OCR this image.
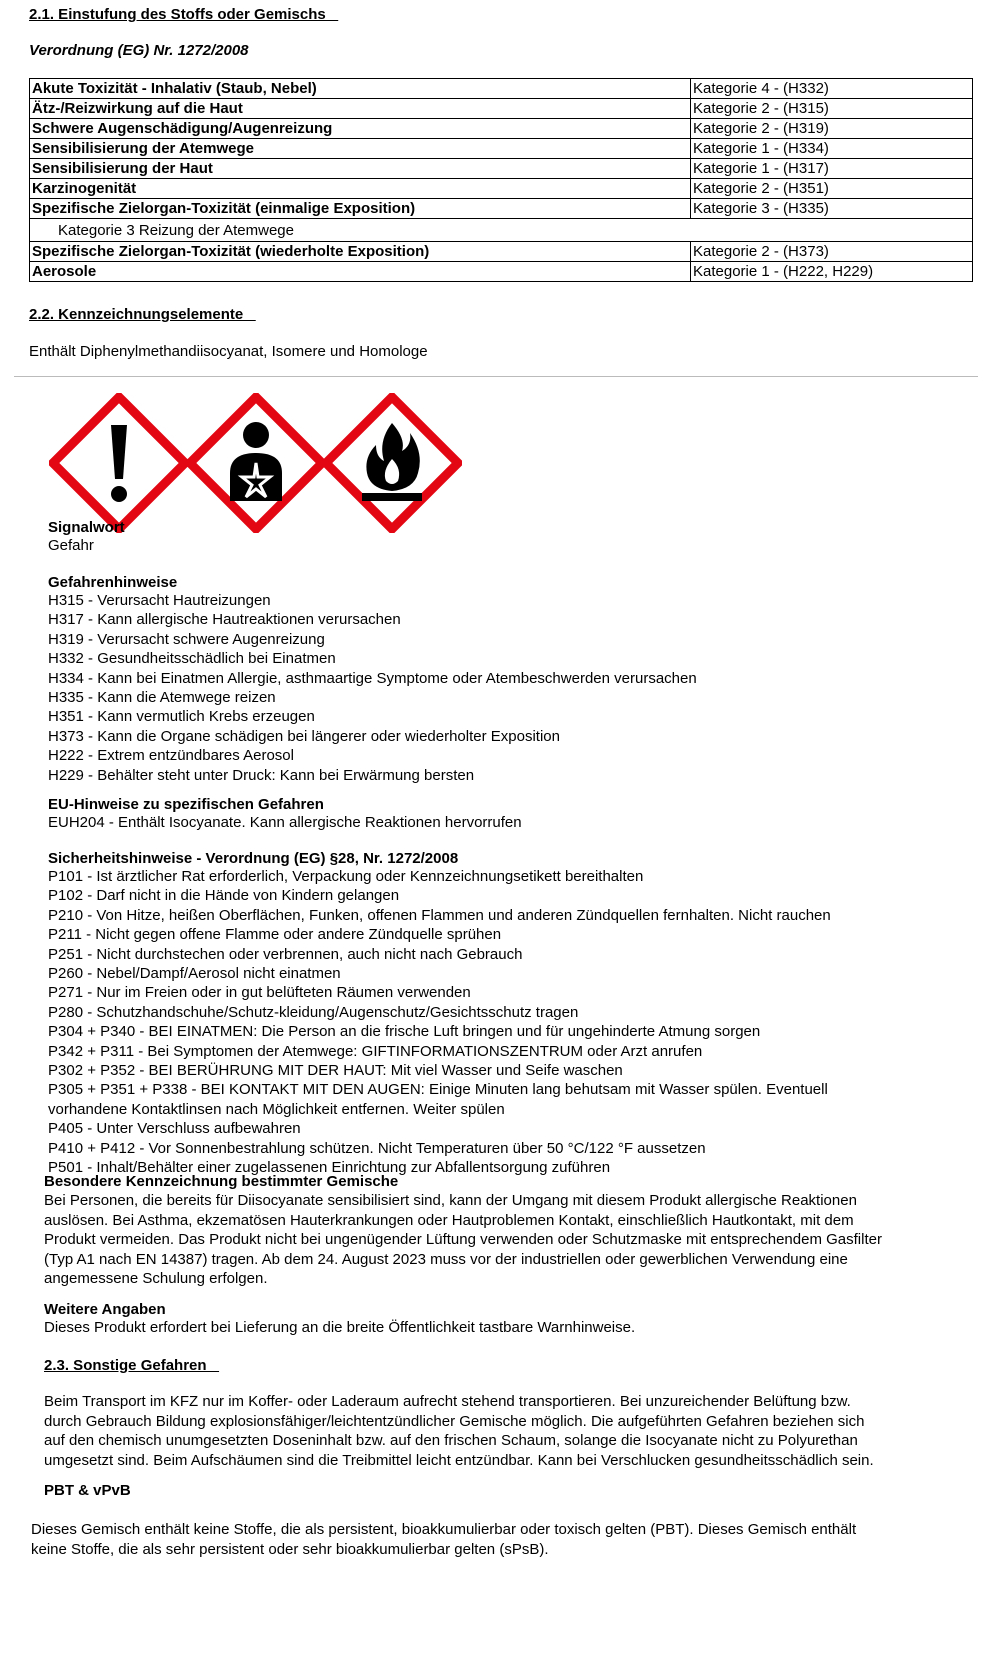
2.1. Einstufung des Stoffs oder Gemischs
Verordnung (EG) Nr. 1272/2008
Akute Toxizität - Inhalativ (Staub, Nebel)	Kategorie 4 - (H332)
Ätz-/Reizwirkung auf die Haut	Kategorie 2 - (H315)
Schwere Augenschädigung/Augenreizung	Kategorie 2 - (H319)
Sensibilisierung der Atemwege	Kategorie 1 - (H334)
Sensibilisierung der Haut	Kategorie 1 - (H317)
Karzinogenität	Kategorie 2 - (H351)
Spezifische Zielorgan-Toxizität (einmalige Exposition)	Kategorie 3 - (H335)
Kategorie 3 Reizung der Atemwege	
Spezifische Zielorgan-Toxizität (wiederholte Exposition)	Kategorie 2 - (H373)
Aerosole	Kategorie 1 - (H222, H229)
2.2. Kennzeichnungselemente
Enthält Diphenylmethandiisocyanat, Isomere und Homologe
Signalwort
Gefahr
Gefahrenhinweise
H315 - Verursacht Hautreizungen
H317 - Kann allergische Hautreaktionen verursachen
H319 - Verursacht schwere Augenreizung
H332 - Gesundheitsschädlich bei Einatmen
H334 - Kann bei Einatmen Allergie, asthmaartige Symptome oder Atembeschwerden verursachen
H335 - Kann die Atemwege reizen
H351 - Kann vermutlich Krebs erzeugen
H373 - Kann die Organe schädigen bei längerer oder wiederholter Exposition
H222 - Extrem entzündbares Aerosol
H229 - Behälter steht unter Druck: Kann bei Erwärmung bersten
EU-Hinweise zu spezifischen Gefahren
EUH204 - Enthält Isocyanate. Kann allergische Reaktionen hervorrufen
Sicherheitshinweise - Verordnung (EG) §28, Nr. 1272/2008
P101 - Ist ärztlicher Rat erforderlich, Verpackung oder Kennzeichnungsetikett bereithalten
P102 - Darf nicht in die Hände von Kindern gelangen
P210 - Von Hitze, heißen Oberflächen, Funken, offenen Flammen und anderen Zündquellen fernhalten. Nicht rauchen
P211 - Nicht gegen offene Flamme oder andere Zündquelle sprühen
P251 - Nicht durchstechen oder verbrennen, auch nicht nach Gebrauch
P260 - Nebel/Dampf/Aerosol nicht einatmen
P271 - Nur im Freien oder in gut belüfteten Räumen verwenden
P280 - Schutzhandschuhe/Schutz-kleidung/Augenschutz/Gesichtsschutz tragen
P304 + P340 - BEI EINATMEN: Die Person an die frische Luft bringen und für ungehinderte Atmung sorgen
P342 + P311 - Bei Symptomen der Atemwege: GIFTINFORMATIONSZENTRUM oder Arzt anrufen
P302 + P352 - BEI BERÜHRUNG MIT DER HAUT: Mit viel Wasser und Seife waschen
P305 + P351 + P338 - BEI KONTAKT MIT DEN AUGEN: Einige Minuten lang behutsam mit Wasser spülen. Eventuell
vorhandene Kontaktlinsen nach Möglichkeit entfernen. Weiter spülen
P405 - Unter Verschluss aufbewahren
P410 + P412 - Vor Sonnenbestrahlung schützen. Nicht Temperaturen über 50 °C/122 °F aussetzen
P501 - Inhalt/Behälter einer zugelassenen Einrichtung zur Abfallentsorgung zuführen
Besondere Kennzeichnung bestimmter Gemische
Bei Personen, die bereits für Diisocyanate sensibilisiert sind, kann der Umgang mit diesem Produkt allergische Reaktionen
auslösen. Bei Asthma, ekzematösen Hauterkrankungen oder Hautproblemen Kontakt, einschließlich Hautkontakt, mit dem
Produkt vermeiden. Das Produkt nicht bei ungenügender Lüftung verwenden oder Schutzmaske mit entsprechendem Gasfilter
(Typ A1 nach EN 14387) tragen. Ab dem 24. August 2023 muss vor der industriellen oder gewerblichen Verwendung eine
angemessene Schulung erfolgen.
Weitere Angaben
Dieses Produkt erfordert bei Lieferung an die breite Öffentlichkeit tastbare Warnhinweise.
2.3. Sonstige Gefahren
Beim Transport im KFZ nur im Koffer- oder Laderaum aufrecht stehend transportieren. Bei unzureichender Belüftung bzw.
durch Gebrauch Bildung explosionsfähiger/leichtentzündlicher Gemische möglich. Die aufgeführten Gefahren beziehen sich
auf den chemisch unumgesetzten Doseninhalt bzw. auf den frischen Schaum, solange die Isocyanate nicht zu Polyurethan
umgesetzt sind. Beim Aufschäumen sind die Treibmittel leicht entzündbar. Kann bei Verschlucken gesundheitsschädlich sein.
PBT & vPvB
Dieses Gemisch enthält keine Stoffe, die als persistent, bioakkumulierbar oder toxisch gelten (PBT). Dieses Gemisch enthält
keine Stoffe, die als sehr persistent oder sehr bioakkumulierbar gelten (sPsB).
